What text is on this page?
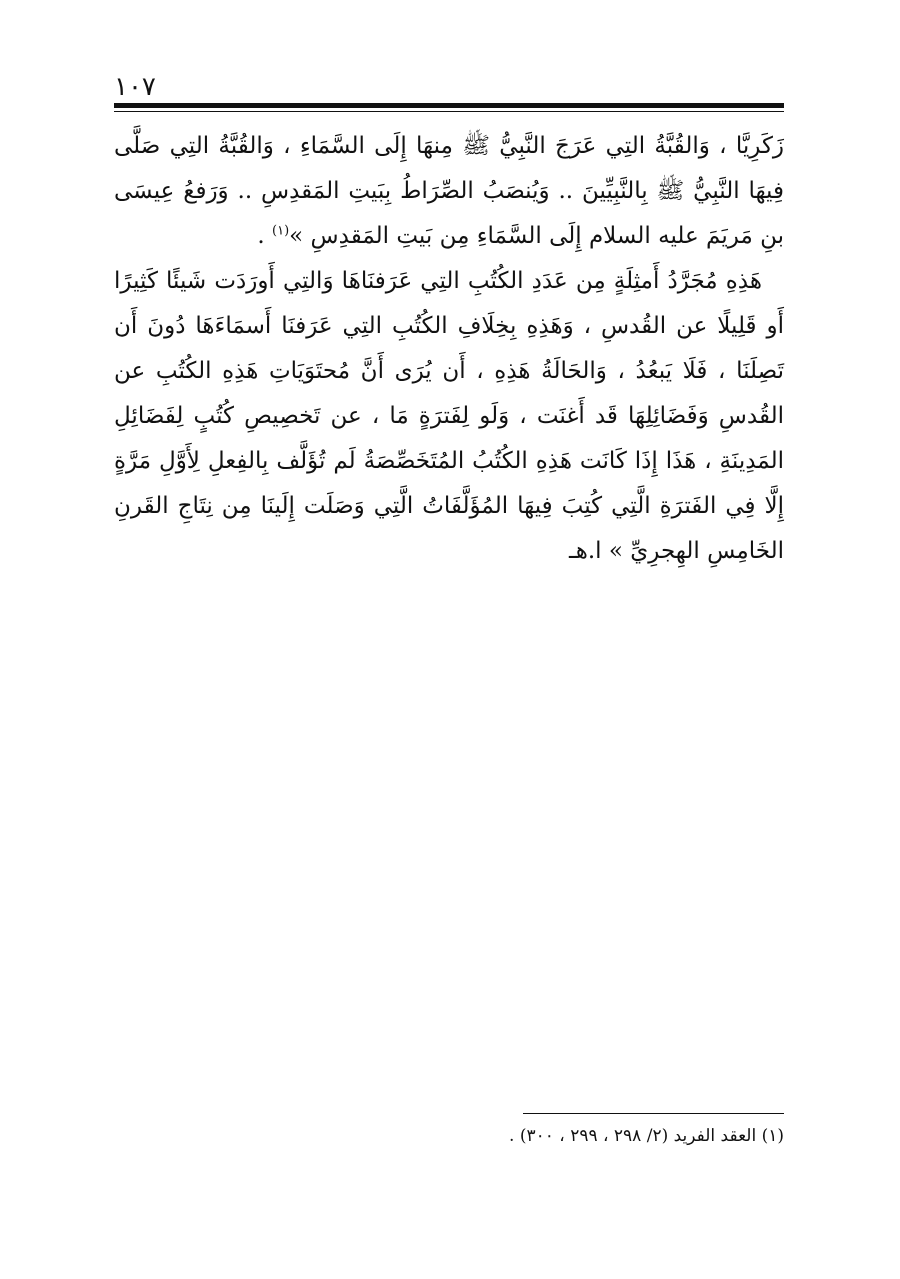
١٠٧

زَكَرِيَّا ، وَالقُبَّةُ التِي عَرَجَ النَّبِيُّ ﷺ مِنهَا إِلَى السَّمَاءِ ، وَالقُبَّةُ التِي صَلَّى فِيهَا النَّبِيُّ ﷺ بِالنَّبِيِّينَ .. وَيُنصَبُ الصِّرَاطُ بِبَيتِ المَقدِسِ .. وَرَفعُ عِيسَى بنِ مَريَمَ عليه السلام إِلَى السَّمَاءِ مِن بَيتِ المَقدِسِ »$^{(١)}$ .

هَذِهِ مُجَرَّدُ أَمثِلَةٍ مِن عَدَدِ الكُتُبِ التِي عَرَفنَاهَا وَالتِي أَورَدَت شَيئًا كَثِيرًا أَو قَلِيلًا عن القُدسِ ، وَهَذِهِ بِخِلَافِ الكُتُبِ التِي عَرَفنَا أَسمَاءَهَا دُونَ أَن تَصِلَنَا ، فَلَا يَبعُدُ ، وَالحَالَةُ هَذِهِ ، أَن يُرَى أَنَّ مُحتَوَيَاتِ هَذِهِ الكُتُبِ عن القُدسِ وَفَضَائِلِهَا قَد أَغنَت ، وَلَو لِفَترَةٍ مَا ، عن تَخصِيصِ كُتُبٍ لِفَضَائِلِ المَدِينَةِ ، هَذَا إِذَا كَانَت هَذِهِ الكُتُبُ المُتَخَصِّصَةُ لَم تُؤَلَّف بِالفِعلِ لِأَوَّلِ مَرَّةٍ إِلَّا فِي الفَترَةِ الَّتِي كُتِبَ فِيهَا المُؤَلَّفَاتُ الَّتِي وَصَلَت إِلَينَا مِن نِتَاجِ القَرنِ الخَامِسِ الهِجرِيِّ » ا.هـ

(١) العقد الفريد (٢/ ٢٩٨ ، ٢٩٩ ، ٣٠٠) .
